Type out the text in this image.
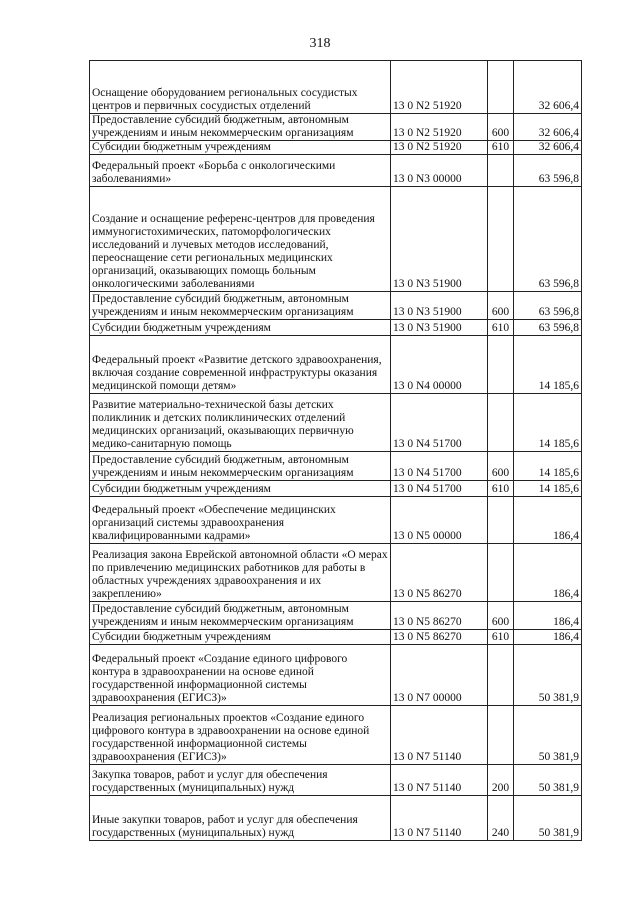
318
Оснащение оборудованием региональных сосудистых центров и первичных сосудистых отделений	13 0 N2 51920		32 606,4
Предоставление субсидий бюджетным, автономным учреждениям и иным некоммерческим организациям	13 0 N2 51920	600	32 606,4
Субсидии бюджетным учреждениям	13 0 N2 51920	610	32 606,4
Федеральный проект «Борьба с онкологическими заболеваниями»	13 0 N3 00000		63 596,8
Создание и оснащение референс-центров для проведения иммуногистохимических, патоморфологических исследований и лучевых методов исследований, переоснащение сети региональных медицинских организаций, оказывающих помощь больным онкологическими заболеваниями	13 0 N3 51900		63 596,8
Предоставление субсидий бюджетным, автономным учреждениям и иным некоммерческим организациям	13 0 N3 51900	600	63 596,8
Субсидии бюджетным учреждениям	13 0 N3 51900	610	63 596,8
Федеральный проект «Развитие детского здравоохранения, включая создание современной инфраструктуры оказания медицинской помощи детям»	13 0 N4 00000		14 185,6
Развитие материально-технической базы детских поликлиник и детских поликлинических отделений медицинских организаций, оказывающих первичную медико-санитарную помощь	13 0 N4 51700		14 185,6
Предоставление субсидий бюджетным, автономным учреждениям и иным некоммерческим организациям	13 0 N4 51700	600	14 185,6
Субсидии бюджетным учреждениям	13 0 N4 51700	610	14 185,6
Федеральный проект «Обеспечение медицинских организаций системы здравоохранения квалифицированными кадрами»	13 0 N5 00000		186,4
Реализация закона Еврейской автономной области «О мерах по привлечению медицинских работников для работы в областных учреждениях здравоохранения и их закреплению»	13 0 N5 86270		186,4
Предоставление субсидий бюджетным, автономным учреждениям и иным некоммерческим организациям	13 0 N5 86270	600	186,4
Субсидии бюджетным учреждениям	13 0 N5 86270	610	186,4
Федеральный проект «Создание единого цифрового контура в здравоохранении на основе единой государственной информационной системы здравоохранения (ЕГИСЗ)»	13 0 N7 00000		50 381,9
Реализация региональных проектов «Создание единого цифрового контура в здравоохранении на основе единой государственной информационной системы здравоохранения (ЕГИСЗ)»	13 0 N7 51140		50 381,9
Закупка товаров, работ и услуг для обеспечения государственных (муниципальных) нужд	13 0 N7 51140	200	50 381,9
Иные закупки товаров, работ и услуг для обеспечения государственных (муниципальных) нужд	13 0 N7 51140	240	50 381,9
